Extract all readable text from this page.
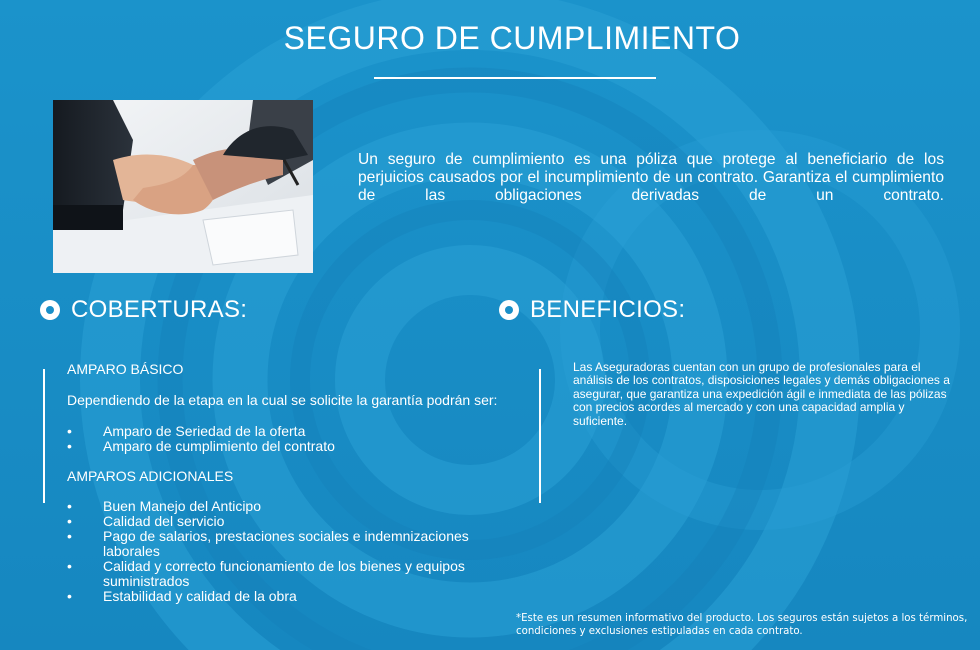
SEGURO DE CUMPLIMIENTO

Un seguro de cumplimiento es una póliza que protege al beneficiario de los perjuicios causados por el incumplimiento de un contrato. Garantiza el cumplimiento de las obligaciones derivadas de un contrato.

COBERTURAS:	BENEFICIOS:

AMPARO BÁSICO

Dependiendo de la etapa en la cual se solicite la garantía podrán ser:

• Amparo de Seriedad de la oferta
• Amparo de cumplimiento del contrato

AMPAROS ADICIONALES

• Buen Manejo del Anticipo
• Calidad del servicio
• Pago de salarios, prestaciones sociales e indemnizaciones laborales
• Calidad y correcto funcionamiento de los bienes y equipos suministrados
• Estabilidad y calidad de la obra

Las Aseguradoras cuentan con un grupo de profesionales para el análisis de los contratos, disposiciones legales y demás obligaciones a asegurar, que garantiza una expedición ágil e inmediata de las pólizas con precios acordes al mercado y con una capacidad amplia y suficiente.

*Este es un resumen informativo del producto. Los seguros están sujetos a los términos, condiciones y exclusiones estipuladas en cada contrato.
